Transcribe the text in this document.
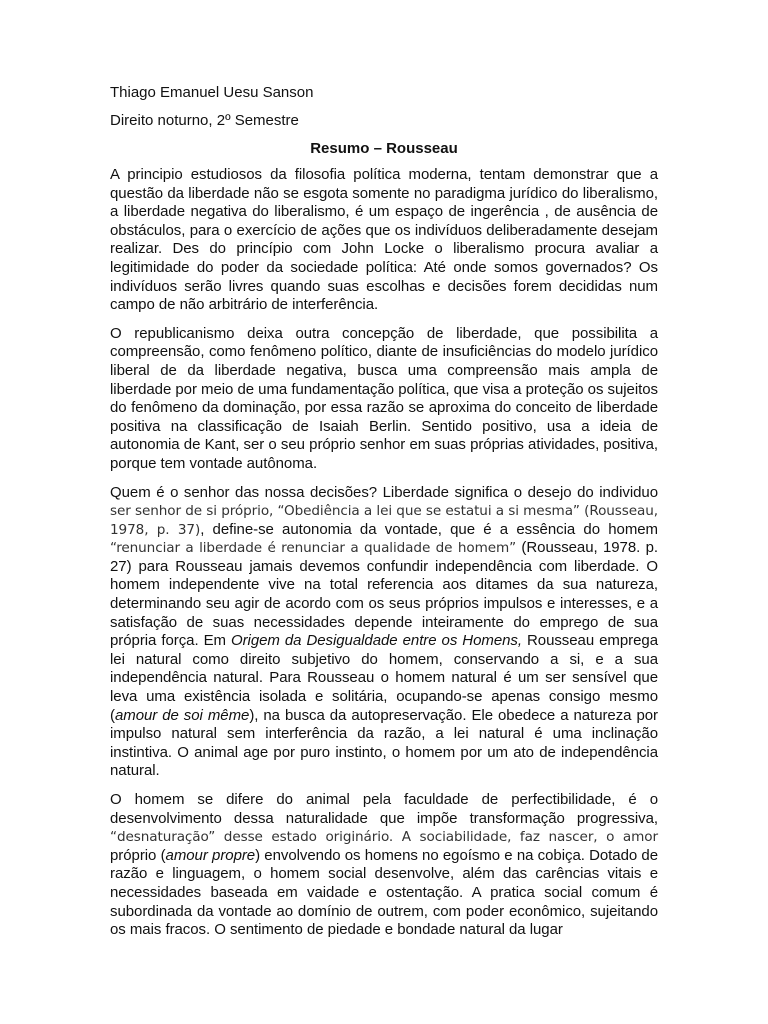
Thiago Emanuel Uesu Sanson

Direito noturno, 2º Semestre

Resumo – Rousseau

A principio estudiosos da filosofia política moderna, tentam demonstrar que a questão da liberdade não se esgota somente no paradigma jurídico do liberalismo, a liberdade negativa do liberalismo, é um espaço de ingerência , de ausência de obstáculos, para o exercício de ações que os indivíduos deliberadamente desejam realizar. Des do princípio com John Locke o liberalismo procura avaliar a legitimidade do poder da sociedade política: Até onde somos governados? Os indivíduos serão livres quando suas escolhas e decisões forem decididas num campo de não arbitrário de interferência.

O republicanismo deixa outra concepção de liberdade, que possibilita a compreensão, como fenômeno político, diante de insuficiências do modelo jurídico liberal de da liberdade negativa, busca uma compreensão mais ampla de liberdade por meio de uma fundamentação política, que visa a proteção os sujeitos do fenômeno da dominação, por essa razão se aproxima do conceito de liberdade positiva na classificação de Isaiah Berlin. Sentido positivo, usa a ideia de autonomia de Kant, ser o seu próprio senhor em suas próprias atividades, positiva, porque tem vontade autônoma.

Quem é o senhor das nossa decisões? Liberdade significa o desejo do individuo ser senhor de si próprio, “Obediência a lei que se estatui a si mesma” (Rousseau, 1978, p. 37), define-se autonomia da vontade, que é a essência do homem “renunciar a liberdade é renunciar a qualidade de homem” (Rousseau, 1978. p. 27) para Rousseau jamais devemos confundir independência com liberdade. O homem independente vive na total referencia aos ditames da sua natureza, determinando seu agir de acordo com os seus próprios impulsos e interesses, e a satisfação de suas necessidades depende inteiramente do emprego de sua própria força. Em Origem da Desigualdade entre os Homens, Rousseau emprega lei natural como direito subjetivo do homem, conservando a si, e a sua independência natural. Para Rousseau o homem natural é um ser sensível que leva uma existência isolada e solitária, ocupando-se apenas consigo mesmo (amour de soi même), na busca da autopreservação. Ele obedece a natureza por impulso natural sem interferência da razão, a lei natural é uma inclinação instintiva. O animal age por puro instinto, o homem por um ato de independência natural.

O homem se difere do animal pela faculdade de perfectibilidade, é o desenvolvimento dessa naturalidade que impõe transformação progressiva, “desnaturação” desse estado originário. A sociabilidade, faz nascer, o amor próprio (amour propre) envolvendo os homens no egoísmo e na cobiça. Dotado de razão e linguagem, o homem social desenvolve, além das carências vitais e necessidades baseada em vaidade e ostentação. A pratica social comum é subordinada da vontade ao domínio de outrem, com poder econômico, sujeitando os mais fracos. O sentimento de piedade e bondade natural da lugar
